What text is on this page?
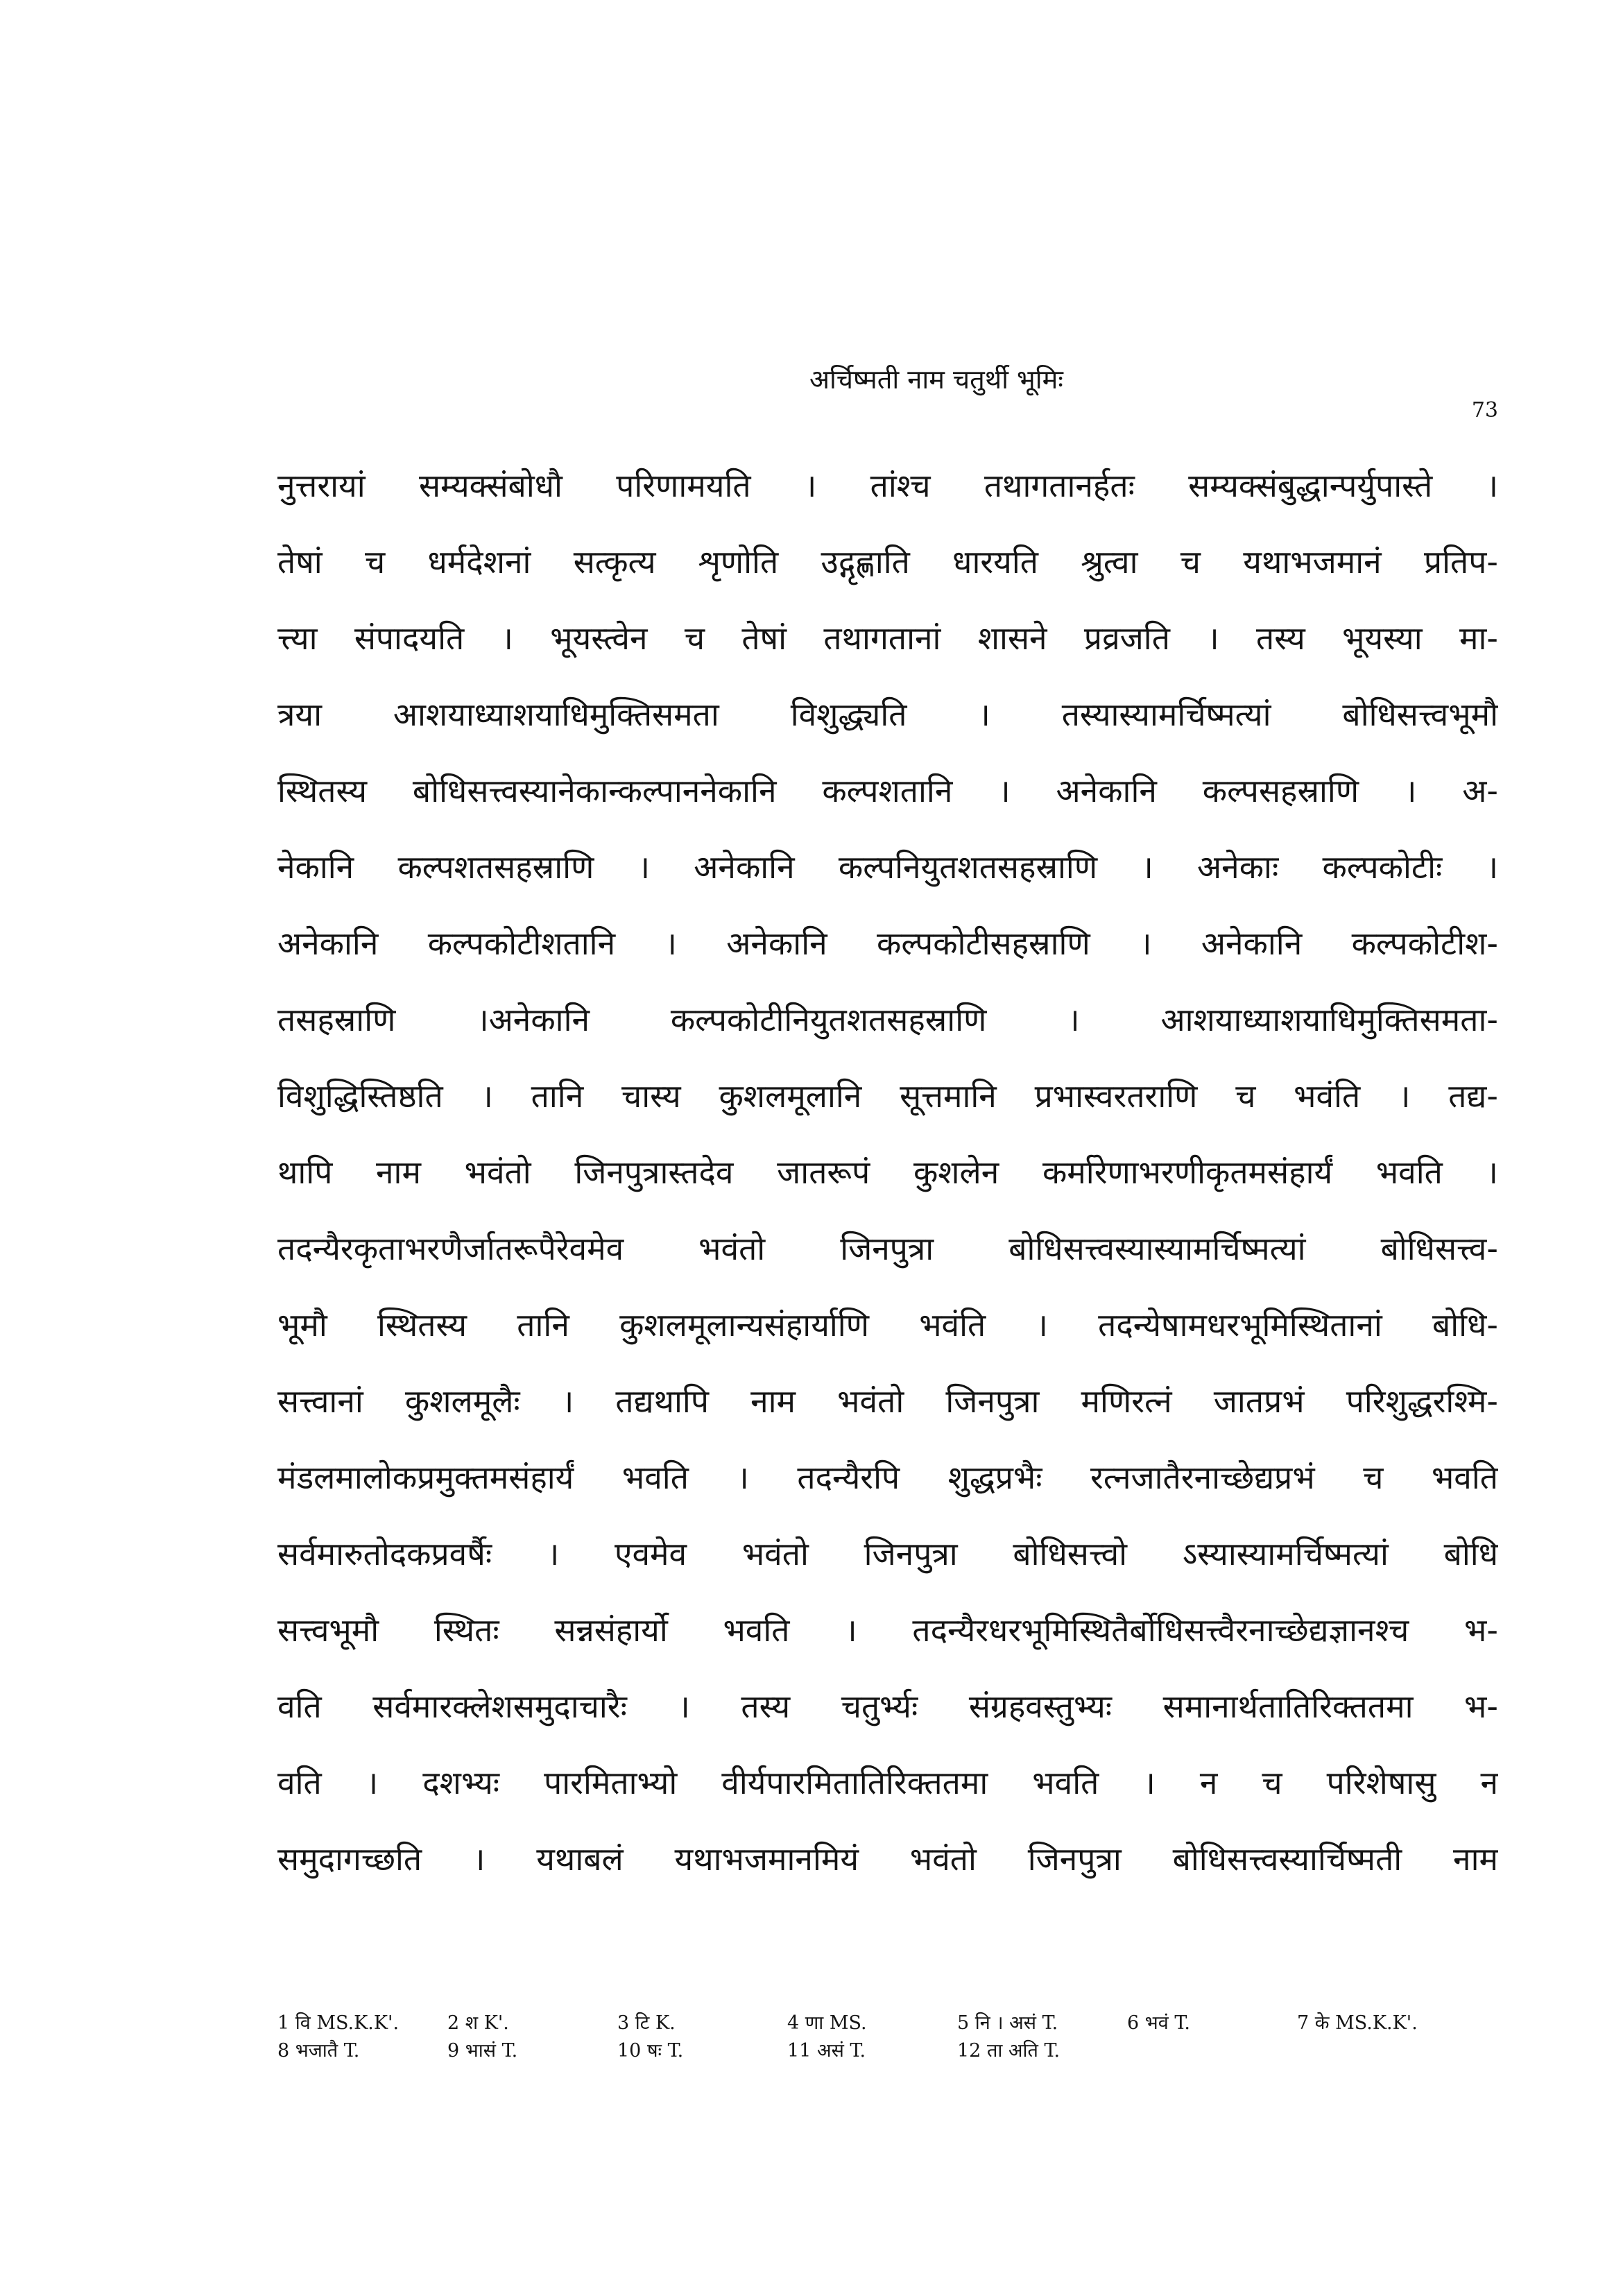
अर्चिष्मती नाम चतुर्थी भूमिः
73
नुत्तरायां सम्यक्संबोधौ परिणामयति । तांश्च तथागतानर्हतः सम्यक्संबुद्धान्पर्युपास्ते ।
तेषां च धर्मदेशनां सत्कृत्य शृणोति उद्गृह्णाति धारयति श्रुत्वा च यथाभजमानं प्रतिप-
त्त्या संपादयति । भूयस्त्वेन च तेषां तथागतानां शासने प्रव्रजति । तस्य भूयस्या मा-
त्रया आशयाध्याशयाधिमुक्तिसमता विशुद्ध्यति । तस्यास्यामर्चिष्मत्यां बोधिसत्त्वभूमौ
स्थितस्य बोधिसत्त्वस्यानेकान्कल्पाननेकानि कल्पशतानि । अनेकानि कल्पसहस्राणि । अ-
नेकानि कल्पशतसहस्राणि । अनेकानि कल्पनियुतशतसहस्राणि । अनेकाः कल्पकोटीः ।
अनेकानि कल्पकोटीशतानि । अनेकानि कल्पकोटीसहस्राणि । अनेकानि कल्पकोटीश-
तसहस्राणि ।अनेकानि कल्पकोटीनियुतशतसहस्राणि । आशयाध्याशयाधिमुक्तिसमता-
विशुद्धिस्तिष्ठति । तानि चास्य कुशलमूलानि सूत्तमानि प्रभास्वरतराणि च भवंति । तद्य-
थापि नाम भवंतो जिनपुत्रास्तदेव जातरूपं कुशलेन कर्मारेणाभरणीकृतमसंहार्यं भवति ।
तदन्यैरकृताभरणैर्जातरूपैरेवमेव भवंतो जिनपुत्रा बोधिसत्त्वस्यास्यामर्चिष्मत्यां बोधिसत्त्व-
भूमौ स्थितस्य तानि कुशलमूलान्यसंहार्याणि भवंति । तदन्येषामधरभूमिस्थितानां बोधि-
सत्त्वानां कुशलमूलैः । तद्यथापि नाम भवंतो जिनपुत्रा मणिरत्नं जातप्रभं परिशुद्धरश्मि-
मंडलमालोकप्रमुक्तमसंहार्यं भवति । तदन्यैरपि शुद्धप्रभैः रत्नजातैरनाच्छेद्यप्रभं च भवति
सर्वमारुतोदकप्रवर्षैः । एवमेव भवंतो जिनपुत्रा बोधिसत्त्वो ऽस्यास्यामर्चिष्मत्यां बोधि
सत्त्वभूमौ स्थितः सन्नसंहार्यो भवति । तदन्यैरधरभूमिस्थितैर्बोधिसत्त्वैरनाच्छेद्यज्ञानश्च भ-
वति सर्वमारक्लेशसमुदाचारैः । तस्य चतुर्भ्यः संग्रहवस्तुभ्यः समानार्थतातिरिक्ततमा भ-
वति । दशभ्यः पारमिताभ्यो वीर्यपारमितातिरिक्ततमा भवति । न च परिशेषासु न
समुदागच्छति । यथाबलं यथाभजमानमियं भवंतो जिनपुत्रा बोधिसत्त्वस्यार्चिष्मती नाम
1 वि MS.K.K'.	2 श K'.	3 टि K.	4 णा MS.	5 नि । असं T.	6 भवं T.	7 के MS.K.K'.
8 भजातै T.	9 भासं T.	10 षः T.	11 असं T.	12 ता अति T.
